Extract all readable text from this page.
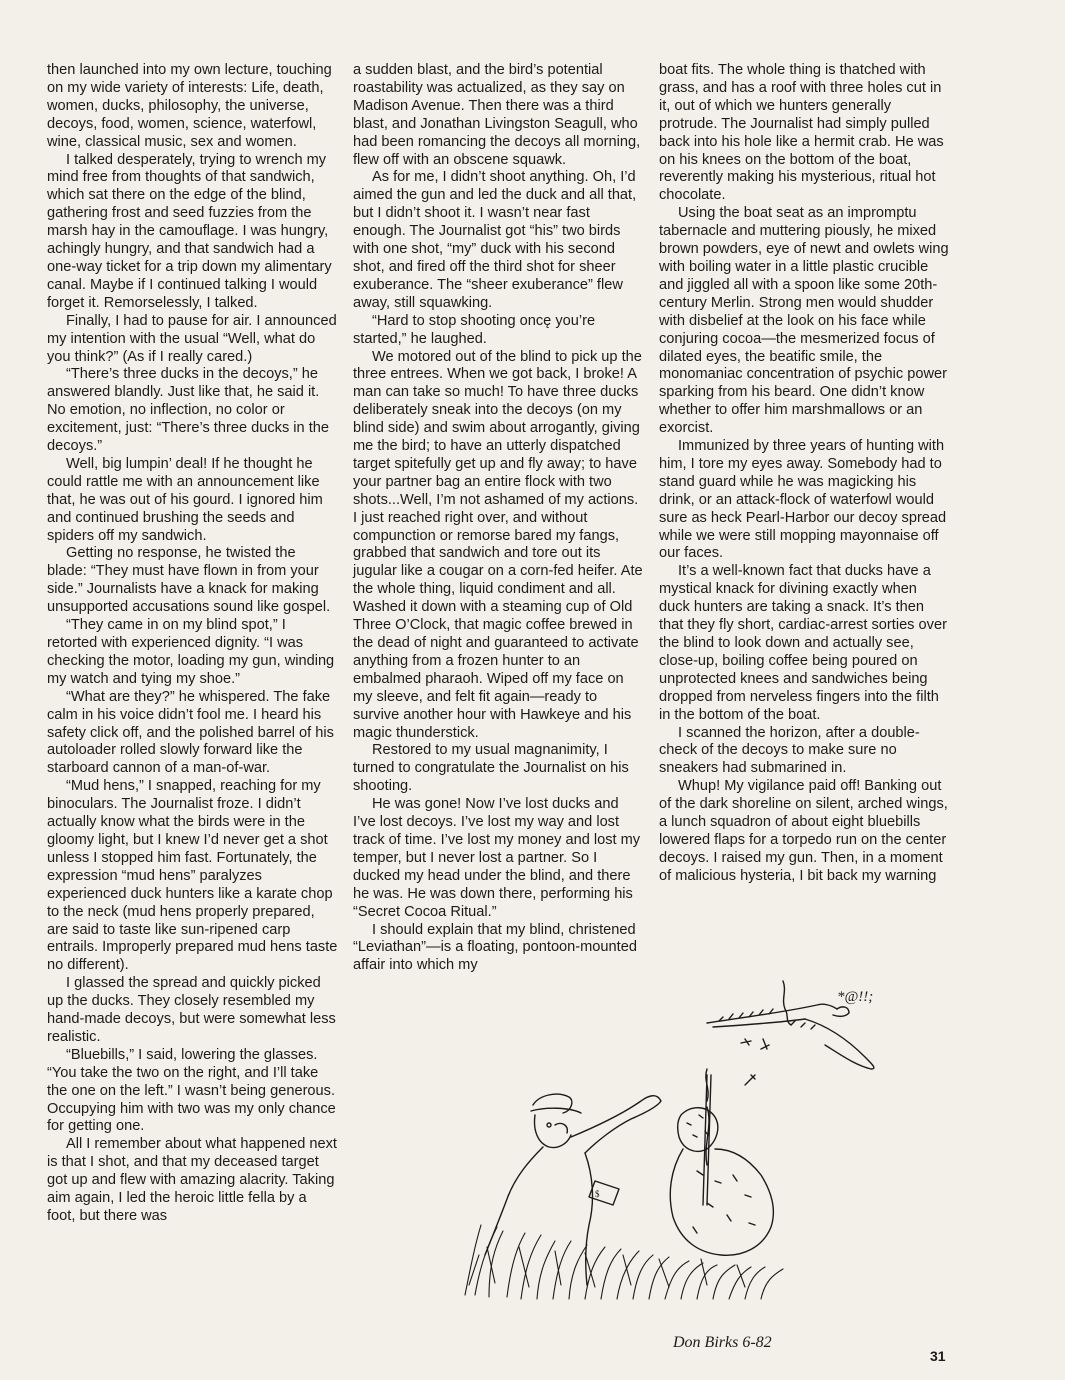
then launched into my own lecture, touching on my wide variety of interests: Life, death, women, ducks, philosophy, the universe, decoys, food, women, science, waterfowl, wine, classical music, sex and women.

I talked desperately, trying to wrench my mind free from thoughts of that sandwich, which sat there on the edge of the blind, gathering frost and seed fuzzies from the marsh hay in the camouflage. I was hungry, achingly hungry, and that sandwich had a one-way ticket for a trip down my alimentary canal. Maybe if I continued talking I would forget it. Remorselessly, I talked.

Finally, I had to pause for air. I announced my intention with the usual “Well, what do you think?” (As if I really cared.)

“There’s three ducks in the decoys,” he answered blandly. Just like that, he said it. No emotion, no inflection, no color or excitement, just: “There’s three ducks in the decoys.”

Well, big lumpin’ deal! If he thought he could rattle me with an announcement like that, he was out of his gourd. I ignored him and continued brushing the seeds and spiders off my sandwich.

Getting no response, he twisted the blade: “They must have flown in from your side.” Journalists have a knack for making unsupported accusations sound like gospel.

“They came in on my blind spot,” I retorted with experienced dignity. “I was checking the motor, loading my gun, winding my watch and tying my shoe.”

“What are they?” he whispered. The fake calm in his voice didn’t fool me. I heard his safety click off, and the polished barrel of his autoloader rolled slowly forward like the starboard cannon of a man-of-war.

“Mud hens,” I snapped, reaching for my binoculars. The Journalist froze. I didn’t actually know what the birds were in the gloomy light, but I knew I’d never get a shot unless I stopped him fast. Fortunately, the expression “mud hens” paralyzes experienced duck hunters like a karate chop to the neck (mud hens properly prepared, are said to taste like sun-ripened carp entrails. Improperly prepared mud hens taste no different).

I glassed the spread and quickly picked up the ducks. They closely resembled my hand-made decoys, but were somewhat less realistic.

“Bluebills,” I said, lowering the glasses. “You take the two on the right, and I’ll take the one on the left.” I wasn’t being generous. Occupying him with two was my only chance for getting one.

All I remember about what happened next is that I shot, and that my deceased target got up and flew with amazing alacrity. Taking aim again, I led the heroic little fella by a foot, but there was

a sudden blast, and the bird’s potential roastability was actualized, as they say on Madison Avenue. Then there was a third blast, and Jonathan Livingston Seagull, who had been romancing the decoys all morning, flew off with an obscene squawk.

As for me, I didn’t shoot anything. Oh, I’d aimed the gun and led the duck and all that, but I didn’t shoot it. I wasn’t near fast enough. The Journalist got “his” two birds with one shot, “my” duck with his second shot, and fired off the third shot for sheer exuberance. The “sheer exuberance” flew away, still squawking.

“Hard to stop shooting oncę you’re started,” he laughed.

We motored out of the blind to pick up the three entrees. When we got back, I broke! A man can take so much! To have three ducks deliberately sneak into the decoys (on my blind side) and swim about arrogantly, giving me the bird; to have an utterly dispatched target spitefully get up and fly away; to have your partner bag an entire flock with two shots...Well, I’m not ashamed of my actions. I just reached right over, and without compunction or remorse bared my fangs, grabbed that sandwich and tore out its jugular like a cougar on a corn-fed heifer. Ate the whole thing, liquid condiment and all. Washed it down with a steaming cup of Old Three O’Clock, that magic coffee brewed in the dead of night and guaranteed to activate anything from a frozen hunter to an embalmed pharaoh. Wiped off my face on my sleeve, and felt fit again—ready to survive another hour with Hawkeye and his magic thunderstick.

Restored to my usual magnanimity, I turned to congratulate the Journalist on his shooting.

He was gone! Now I’ve lost ducks and I’ve lost decoys. I’ve lost my way and lost track of time. I’ve lost my money and lost my temper, but I never lost a partner. So I ducked my head under the blind, and there he was. He was down there, performing his “Secret Cocoa Ritual.”

I should explain that my blind, christened “Leviathan”—is a floating, pontoon-mounted affair into which my

boat fits. The whole thing is thatched with grass, and has a roof with three holes cut in it, out of which we hunters generally protrude. The Journalist had simply pulled back into his hole like a hermit crab. He was on his knees on the bottom of the boat, reverently making his mysterious, ritual hot chocolate.

Using the boat seat as an impromptu tabernacle and muttering piously, he mixed brown powders, eye of newt and owlets wing with boiling water in a little plastic crucible and jiggled all with a spoon like some 20th-century Merlin. Strong men would shudder with disbelief at the look on his face while conjuring cocoa—the mesmerized focus of dilated eyes, the beatific smile, the monomaniac concentration of psychic power sparking from his beard. One didn’t know whether to offer him marshmallows or an exorcist.

Immunized by three years of hunting with him, I tore my eyes away. Somebody had to stand guard while he was magicking his drink, or an attack-flock of waterfowl would sure as heck Pearl-Harbor our decoy spread while we were still mopping mayonnaise off our faces.

It’s a well-known fact that ducks have a mystical knack for divining exactly when duck hunters are taking a snack. It’s then that they fly short, cardiac-arrest sorties over the blind to look down and actually see, close-up, boiling coffee being poured on unprotected knees and sandwiches being dropped from nerveless fingers into the filth in the bottom of the boat.

I scanned the horizon, after a double-check of the decoys to make sure no sneakers had submarined in.

Whup! My vigilance paid off! Banking out of the dark shoreline on silent, arched wings, a lunch squadron of about eight bluebills lowered flaps for a torpedo run on the center decoys. I raised my gun. Then, in a moment of malicious hysteria, I bit back my warning

*@!!;
$
Don Birks 6-82
31
